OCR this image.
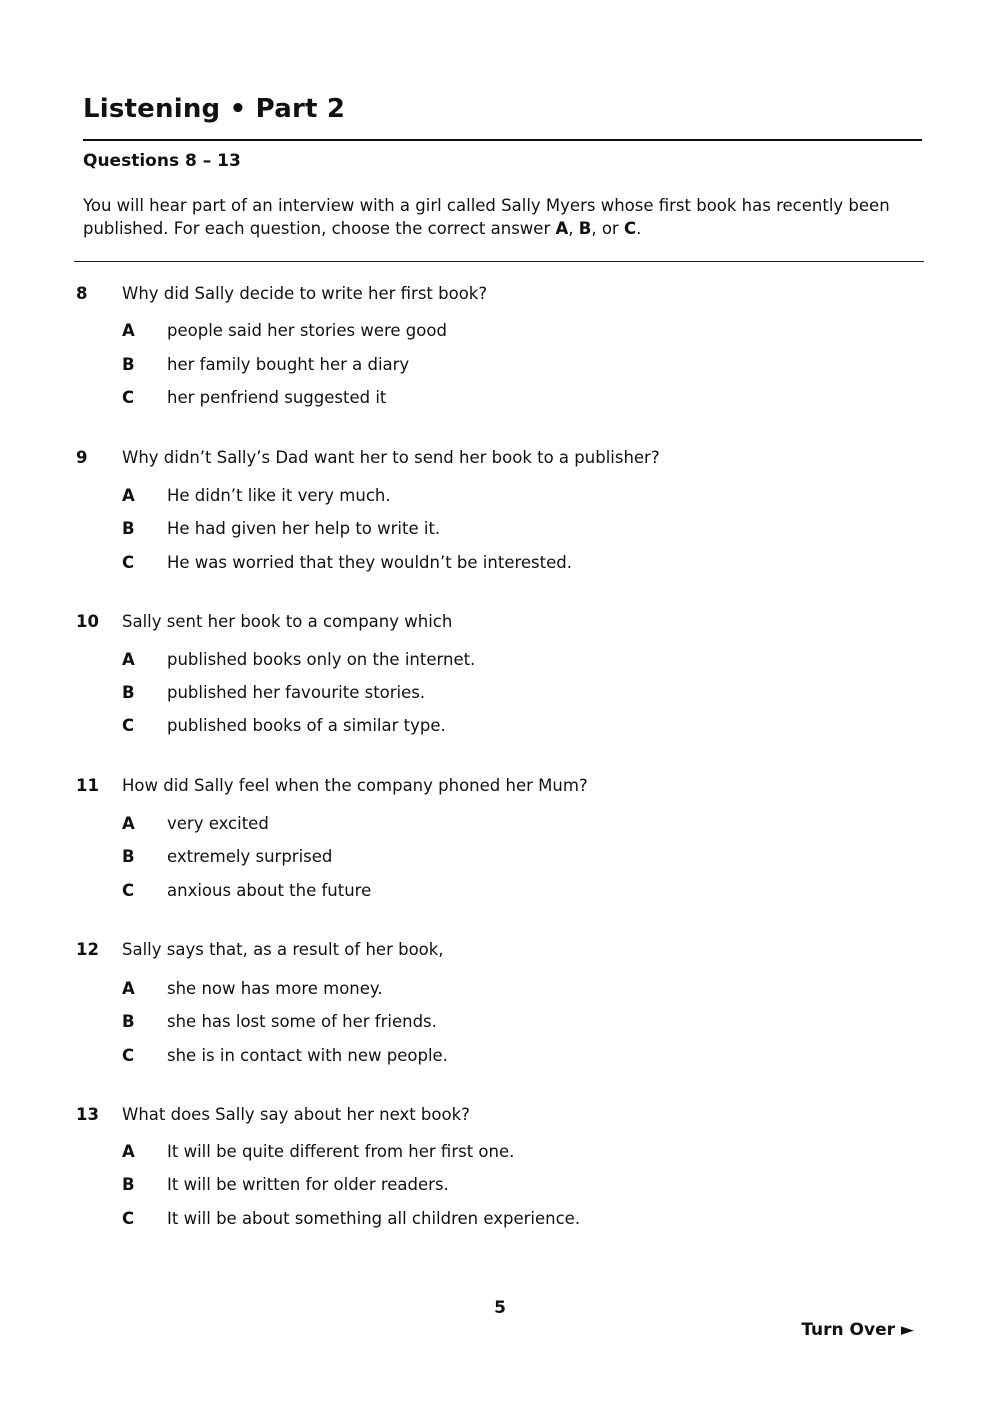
Listening • Part 2
Questions 8 – 13
You will hear part of an interview with a girl called Sally Myers whose first book has recently been published. For each question, choose the correct answer A, B, or C.
8 Why did Sally decide to write her first book?
A people said her stories were good
B her family bought her a diary
C her penfriend suggested it
9 Why didn’t Sally’s Dad want her to send her book to a publisher?
A He didn’t like it very much.
B He had given her help to write it.
C He was worried that they wouldn’t be interested.
10 Sally sent her book to a company which
A published books only on the internet.
B published her favourite stories.
C published books of a similar type.
11 How did Sally feel when the company phoned her Mum?
A very excited
B extremely surprised
C anxious about the future
12 Sally says that, as a result of her book,
A she now has more money.
B she has lost some of her friends.
C she is in contact with new people.
13 What does Sally say about her next book?
A It will be quite different from her first one.
B It will be written for older readers.
C It will be about something all children experience.
5
Turn Over ►
